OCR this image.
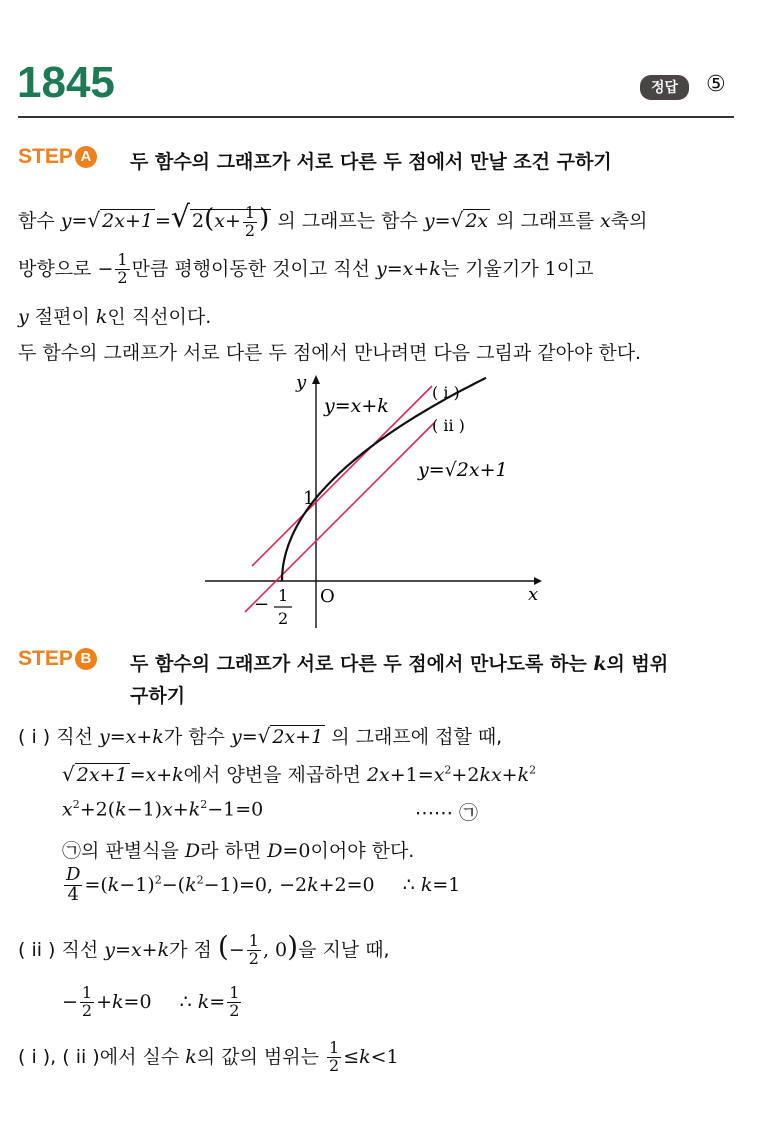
1845	정답	⑤
STEP A 두 함수의 그래프가 서로 다른 두 점에서 만날 조건 구하기
함수 y=√ 2x+1 =√ $2(x+ \frac{1}{2}$ ) 의 그래프는 함수 y=√ 2x 의 그래프를 x축의
방향으로 − $\frac{1}{2}$ 만큼 평행이동한 것이고 직선 y=x+k는 기울기가 1이고
y 절편이 k인 직선이다.
두 함수의 그래프가 서로 다른 두 점에서 만나려면 다음 그림과 같아야 한다.
y
x
O
1
y=x+k
y=√2x+1
( i )
( ii )
− 1
2
STEP B 두 함수의 그래프가 서로 다른 두 점에서 만나도록 하는 k의 범위
구하기
( i ) 직선 y=x+k가 함수 y=√ 2x+1 의 그래프에 접할 때,
√ 2x+1 =x+k에서 양변을 제곱하면 $2x+1=x^2+2kx+k^2$
$x^2+2(k-1)x+k^2-1=0$	⋯⋯ ㉠
㉠의 판별식을 D라 하면 D=0이어야 한다.
$\frac{D}{4} =(k-1)^2-(k^2-1)=0$, −2k+2=0 ∴ k=1
( ii ) 직선 y=x+k가 점 (− $\frac{1}{2}$ , 0)을 지날 때,
− $\frac{1}{2} +k=0$ ∴ $k= \frac{1}{2}$
( i ), ( ii )에서 실수 k의 값의 범위는 $\frac{1}{2} \le k<1$
